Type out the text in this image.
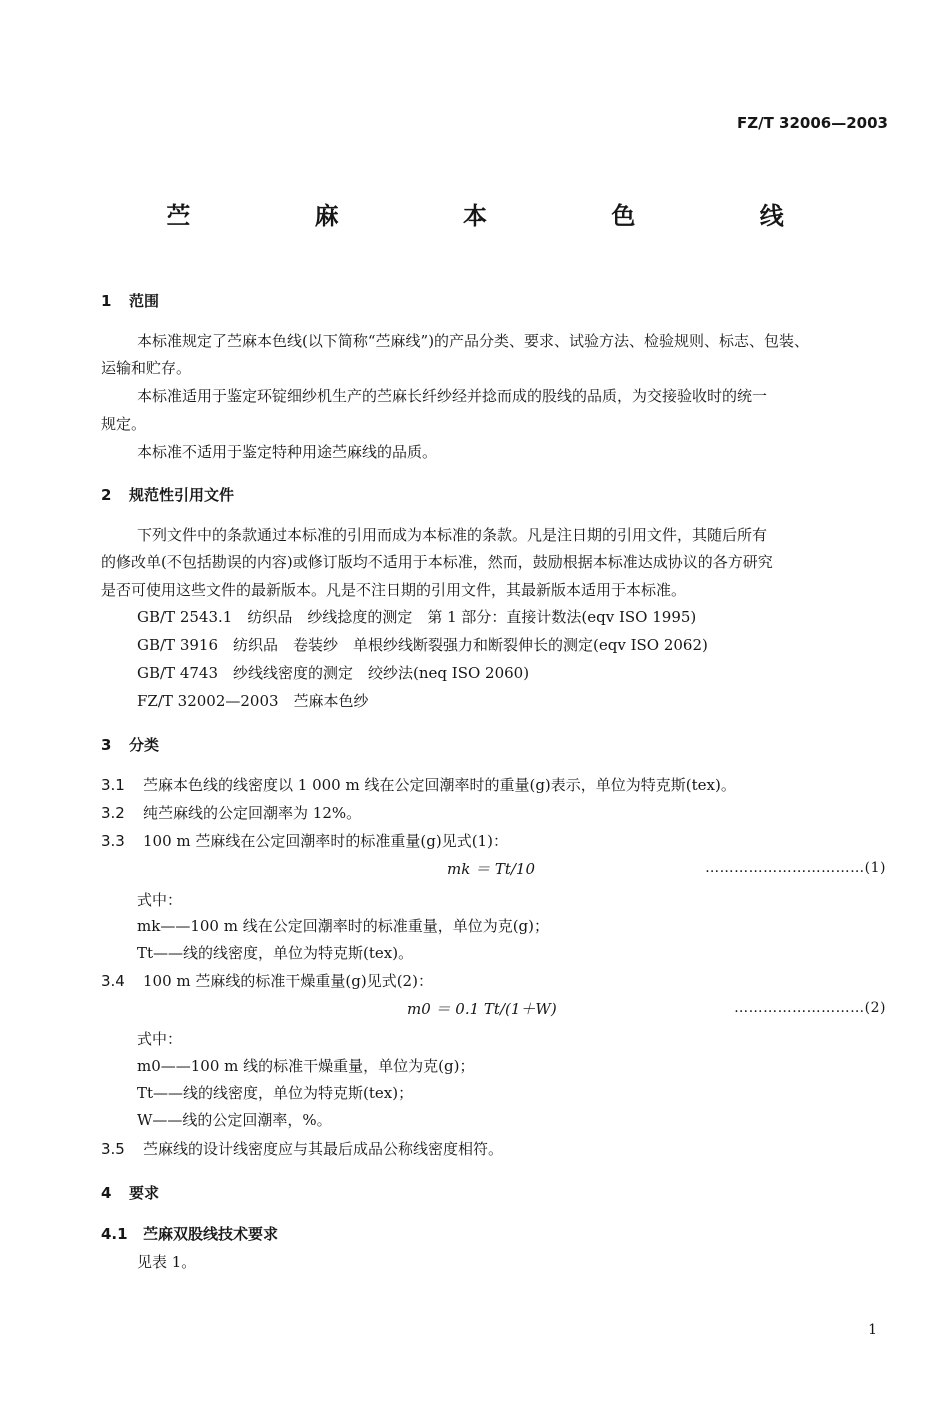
FZ/T 32006—2003
苎 麻 本 色 线
1 范围
本标准规定了苎麻本色线(以下简称“苎麻线”)的产品分类、要求、试验方法、检验规则、标志、包装、
运输和贮存。
本标准适用于鉴定环锭细纱机生产的苎麻长纤纱经并捻而成的股线的品质，为交接验收时的统一
规定。
本标准不适用于鉴定特种用途苎麻线的品质。
2 规范性引用文件
下列文件中的条款通过本标准的引用而成为本标准的条款。凡是注日期的引用文件，其随后所有
的修改单(不包括勘误的内容)或修订版均不适用于本标准，然而，鼓励根据本标准达成协议的各方研究
是否可使用这些文件的最新版本。凡是不注日期的引用文件，其最新版本适用于本标准。
GB/T 2543.1　纺织品　纱线捻度的测定　第 1 部分：直接计数法(eqv ISO 1995)
GB/T 3916　纺织品　卷装纱　单根纱线断裂强力和断裂伸长的测定(eqv ISO 2062)
GB/T 4743　纱线线密度的测定　绞纱法(neq ISO 2060)
FZ/T 32002—2003　苎麻本色纱
3 分类
3.1 苎麻本色线的线密度以 1 000 m 线在公定回潮率时的重量(g)表示，单位为特克斯(tex)。
3.2 纯苎麻线的公定回潮率为 12%。
3.3 100 m 苎麻线在公定回潮率时的标准重量(g)见式(1)：
mk ＝ Tt/10	……………………………(1)
式中：
mk——100 m 线在公定回潮率时的标准重量，单位为克(g)；
Tt——线的线密度，单位为特克斯(tex)。
3.4 100 m 苎麻线的标准干燥重量(g)见式(2)：
m0 ＝ 0.1 Tt/(1＋W)	………………………(2)
式中：
m0——100 m 线的标准干燥重量，单位为克(g)；
Tt——线的线密度，单位为特克斯(tex)；
W——线的公定回潮率，%。
3.5 苎麻线的设计线密度应与其最后成品公称线密度相符。
4 要求
4.1 苎麻双股线技术要求
见表 1。
1
